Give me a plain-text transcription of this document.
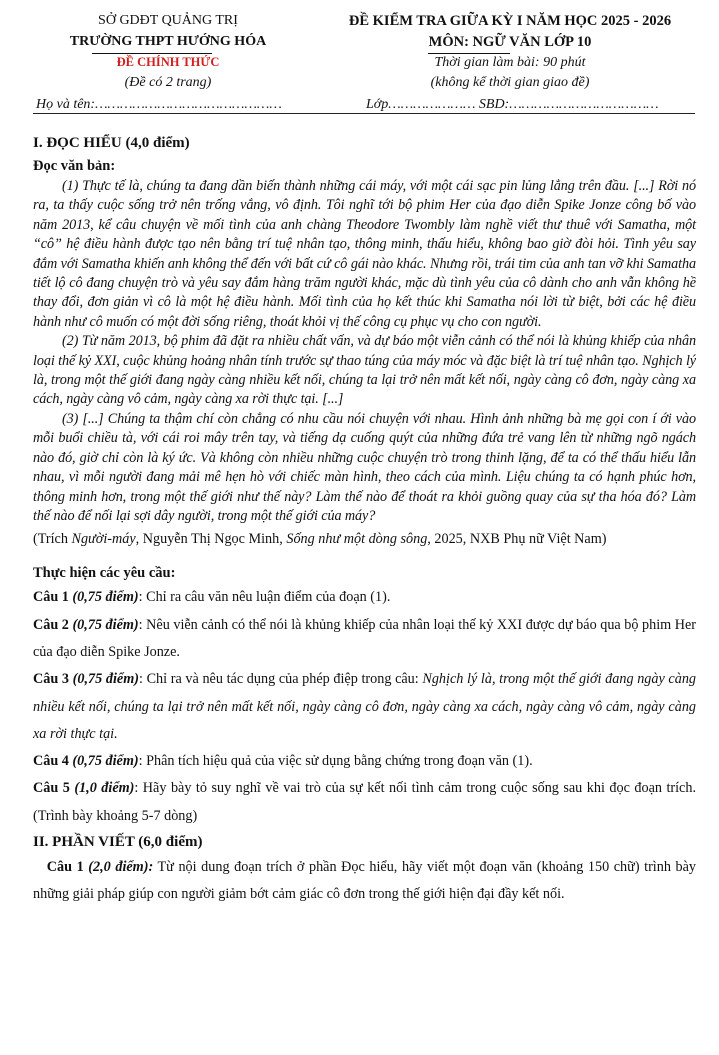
SỞ GDĐT QUẢNG TRỊ
TRƯỜNG THPT HƯỚNG HÓA
ĐỀ CHÍNH THỨC
(Đề có 2 trang)
ĐỀ KIỂM TRA GIỮA KỲ I NĂM HỌC 2025 - 2026
MÔN: NGỮ VĂN LỚP 10
Thời gian làm bài: 90 phút
(không kể thời gian giao đề)
Họ và tên:………………………………………	Lớp………………… SBD:………………………………

I. ĐỌC HIỂU (4,0 điểm)

Đọc văn bản:

(1) Thực tế là, chúng ta đang dần biến thành những cái máy, với một cái sạc pin lủng lẳng trên đầu. [...] Rời nó ra, ta thấy cuộc sống trở nên trống vắng, vô định. Tôi nghĩ tới bộ phim Her của đạo diễn Spike Jonze công bố vào năm 2013, kể câu chuyện về mối tình của anh chàng Theodore Twombly làm nghề viết thư thuê với Samatha, một “cô” hệ điều hành được tạo nên bằng trí tuệ nhân tạo, thông minh, thấu hiểu, không bao giờ đòi hỏi. Tình yêu say đắm với Samatha khiến anh không thể đến với bất cứ cô gái nào khác. Nhưng rồi, trái tim của anh tan vỡ khi Samatha tiết lộ cô đang chuyện trò và yêu say đắm hàng trăm người khác, mặc dù tình yêu của cô dành cho anh vẫn không hề thay đổi, đơn giản vì cô là một hệ điều hành. Mối tình của họ kết thúc khi Samatha nói lời từ biệt, bởi các hệ điều hành như cô muốn có một đời sống riêng, thoát khỏi vị thế công cụ phục vụ cho con người.

(2) Từ năm 2013, bộ phim đã đặt ra nhiều chất vấn, và dự báo một viễn cảnh có thể nói là khủng khiếp của nhân loại thế kỷ XXI, cuộc khủng hoảng nhân tính trước sự thao túng của máy móc và đặc biệt là trí tuệ nhân tạo. Nghịch lý là, trong một thế giới đang ngày càng nhiều kết nối, chúng ta lại trở nên mất kết nối, ngày càng cô đơn, ngày càng xa cách, ngày càng vô cảm, ngày càng xa rời thực tại. [...]

(3) [...] Chúng ta thậm chí còn chẳng có nhu cầu nói chuyện với nhau. Hình ảnh những bà mẹ gọi con í ới vào mỗi buổi chiều tà, với cái roi mây trên tay, và tiếng dạ cuống quýt của những đứa trẻ vang lên từ những ngõ ngách nào đó, giờ chỉ còn là ký ức. Và không còn nhiều những cuộc chuyện trò trong thinh lặng, để ta có thể thấu hiểu lẫn nhau, vì mỗi người đang mải mê hẹn hò với chiếc màn hình, theo cách của mình. Liệu chúng ta có hạnh phúc hơn, thông minh hơn, trong một thế giới như thế này? Làm thế nào để thoát ra khỏi guồng quay của sự tha hóa đó? Làm thế nào để nối lại sợi dây người, trong một thế giới của máy?

(Trích Người-máy, Nguyễn Thị Ngọc Minh, Sống như một dòng sông, 2025, NXB Phụ nữ Việt Nam)

Thực hiện các yêu cầu:

Câu 1 (0,75 điểm): Chỉ ra câu văn nêu luận điểm của đoạn (1).

Câu 2 (0,75 điểm): Nêu viễn cảnh có thể nói là khủng khiếp của nhân loại thế kỷ XXI được dự báo qua bộ phim Her của đạo diễn Spike Jonze.

Câu 3 (0,75 điểm): Chỉ ra và nêu tác dụng của phép điệp trong câu: Nghịch lý là, trong một thế giới đang ngày càng nhiều kết nối, chúng ta lại trở nên mất kết nối, ngày càng cô đơn, ngày càng xa cách, ngày càng vô cảm, ngày càng xa rời thực tại.

Câu 4 (0,75 điểm): Phân tích hiệu quả của việc sử dụng bằng chứng trong đoạn văn (1).

Câu 5 (1,0 điểm): Hãy bày tỏ suy nghĩ về vai trò của sự kết nối tình cảm trong cuộc sống sau khi đọc đoạn trích. (Trình bày khoảng 5-7 dòng)

II. PHẦN VIẾT (6,0 điểm)

Câu 1 (2,0 điểm): Từ nội dung đoạn trích ở phần Đọc hiểu, hãy viết một đoạn văn (khoảng 150 chữ) trình bày những giải pháp giúp con người giảm bớt cảm giác cô đơn trong thế giới hiện đại đầy kết nối.
